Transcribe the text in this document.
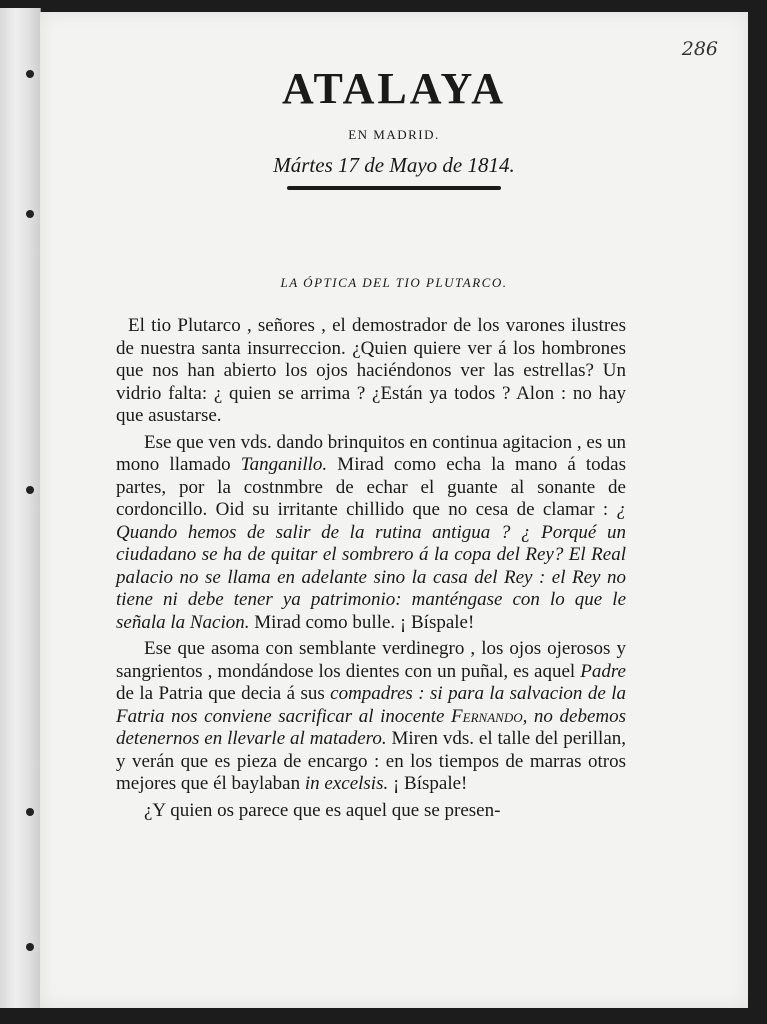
286
ATALAYA
EN MADRID.
Mártes 17 de Mayo de 1814.
LA ÓPTICA DEL TIO PLUTARCO.

El tio Plutarco , señores , el demostrador de los varones ilustres de nuestra santa insurreccion. ¿Quien quiere ver á los hombrones que nos han abierto los ojos haciéndonos ver las estrellas? Un vidrio falta: ¿ quien se arrima ? ¿Están ya todos ? Alon : no hay que asustarse.

Ese que ven vds. dando brinquitos en continua agitacion , es un mono llamado Tanganillo. Mirad como echa la mano á todas partes, por la costnmbre de echar el guante al sonante de cordoncillo. Oid su irritante chillido que no cesa de clamar : ¿ Quando hemos de salir de la rutina antigua ? ¿ Porqué un ciudadano se ha de quitar el sombrero á la copa del Rey? El Real palacio no se llama en adelante sino la casa del Rey : el Rey no tiene ni debe tener ya patrimonio: manténgase con lo que le señala la Nacion. Mirad como bulle. ¡ Bíspale!

Ese que asoma con semblante verdinegro , los ojos ojerosos y sangrientos , mondándose los dientes con un puñal, es aquel Padre de la Patria que decia á sus compadres : si para la salvacion de la Fatria nos conviene sacrificar al inocente Fernando, no debemos detenernos en llevarle al matadero. Miren vds. el talle del perillan, y verán que es pieza de encargo : en los tiempos de marras otros mejores que él baylaban in excelsis. ¡ Bíspale!

¿Y quien os parece que es aquel que se presen-
